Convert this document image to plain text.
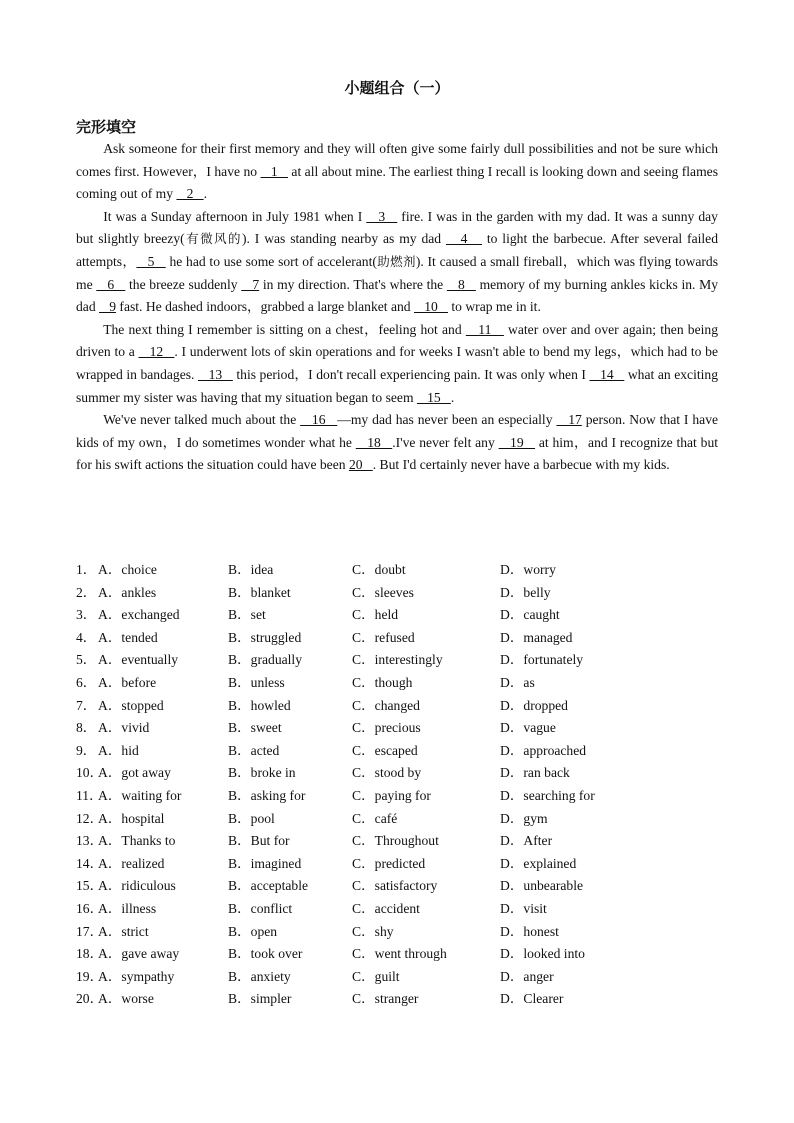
小题组合（一）
完形填空

Ask someone for their first memory and they will often give some fairly dull possibilities and not be sure which comes first. However，I have no    1    at all about mine. The earliest thing I recall is looking down and seeing flames coming out of my    2   .

It was a Sunday afternoon in July 1981 when I    3    fire. I was in the garden with my dad. It was a sunny day but slightly breezy(有微风的). I was standing nearby as my dad    4    to light the barbecue. After several failed attempts，   5    he had to use some sort of accelerant(助燃剂). It caused a small fireball，which was flying towards me    6    the breeze suddenly    7 in my direction. That's where the    8    memory of my burning ankles kicks in. My dad    9 fast. He dashed indoors，grabbed a large blanket and    10    to wrap me in it.

The next thing I remember is sitting on a chest，feeling hot and    11    water over and over again; then being driven to a    12   . I underwent lots of skin operations and for weeks I wasn't able to bend my legs，which had to be wrapped in bandages.    13    this period，I don't recall experiencing pain. It was only when I    14    what an exciting summer my sister was having that my situation began to seem    15   .

We've never talked much about the    16   —my dad has never been an especially    17 person. Now that I have kids of my own，I do sometimes wonder what he    18   .I've never felt any    19    at him，and I recognize that but for his swift actions the situation could have been 20   . But I'd certainly never have a barbecue with my kids.

1． A．choice	B．idea	C．doubt	D．worry
2． A．ankles	B．blanket	C．sleeves	D．belly
3． A．exchanged	B．set	C．held	D．caught
4． A．tended	B．struggled	C．refused	D．managed
5． A．eventually	B．gradually	C．interestingly	D．fortunately
6． A．before	B．unless	C．though	D．as
7． A．stopped	B．howled	C．changed	D．dropped
8． A．vivid	B．sweet	C．precious	D．vague
9． A．hid	B．acted	C．escaped	D．approached
10．
A．got away	B．broke in	C．stood by	D．ran back
11．
A．waiting for	B．asking for	C．paying for	D．searching for
12．
A．hospital	B．pool	C．café	D．gym
13．
A．Thanks to	B．But for	C．Throughout	D．After
14．
A．realized	B．imagined	C．predicted	D．explained
15．
A．ridiculous	B．acceptable	C．satisfactory	D．unbearable
16．
A．illness	B．conflict	C．accident	D．visit
17．
A．strict	B．open	C．shy	D．honest
18．
A．gave away	B．took over	C．went through	D．looked into
19．
A．sympathy	B．anxiety	C．guilt	D．anger
20．
A．worse	B．simpler	C．stranger	D．Clearer
